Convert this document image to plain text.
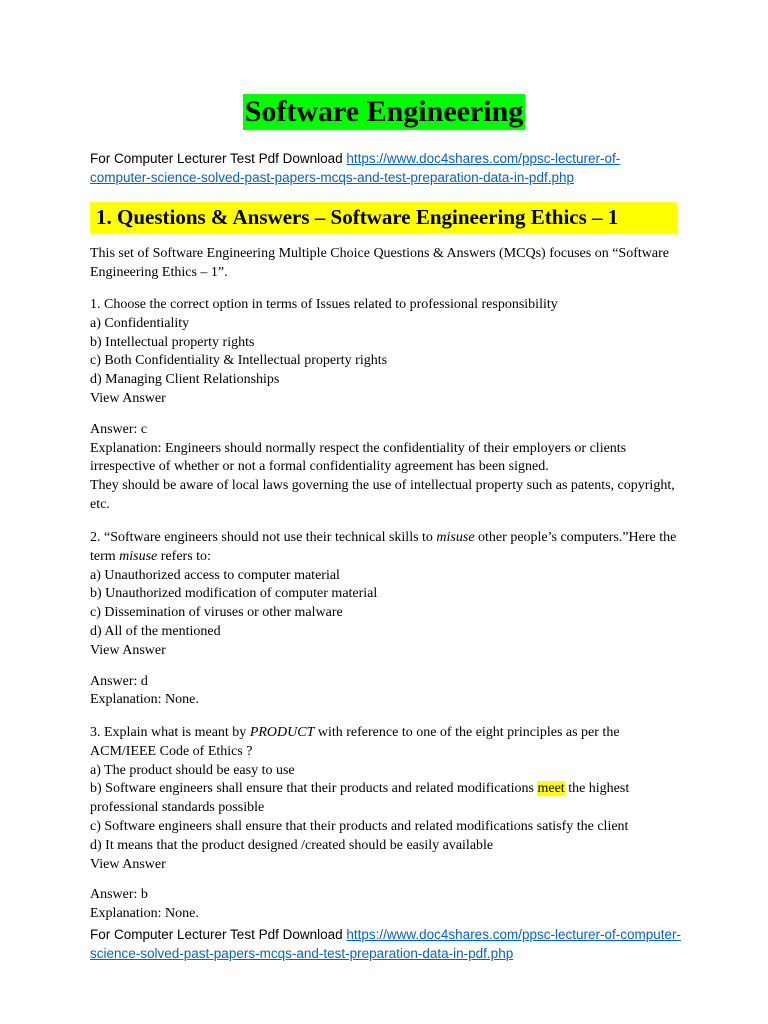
Software Engineering
For Computer Lecturer Test Pdf Download https://www.doc4shares.com/ppsc-lecturer-of-
computer-science-solved-past-papers-mcqs-and-test-preparation-data-in-pdf.php
1. Questions & Answers – Software Engineering Ethics – 1

This set of Software Engineering Multiple Choice Questions & Answers (MCQs) focuses on “Software

Engineering Ethics – 1”.

1. Choose the correct option in terms of Issues related to professional responsibility

a) Confidentiality

b) Intellectual property rights

c) Both Confidentiality & Intellectual property rights

d) Managing Client Relationships

View Answer

Answer: c

Explanation: Engineers should normally respect the confidentiality of their employers or clients

irrespective of whether or not a formal confidentiality agreement has been signed.

They should be aware of local laws governing the use of intellectual property such as patents, copyright,

etc.

2. “Software engineers should not use their technical skills to misuse other people’s computers.”Here the

term misuse refers to:

a) Unauthorized access to computer material

b) Unauthorized modification of computer material

c) Dissemination of viruses or other malware

d) All of the mentioned

View Answer

Answer: d

Explanation: None.

3. Explain what is meant by PRODUCT with reference to one of the eight principles as per the

ACM/IEEE Code of Ethics ?

a) The product should be easy to use

b) Software engineers shall ensure that their products and related modifications meet the highest

professional standards possible

c) Software engineers shall ensure that their products and related modifications satisfy the client

d) It means that the product designed /created should be easily available

View Answer

Answer: b

Explanation: None.

For Computer Lecturer Test Pdf Download https://www.doc4shares.com/ppsc-lecturer-of-computer-
science-solved-past-papers-mcqs-and-test-preparation-data-in-pdf.php
